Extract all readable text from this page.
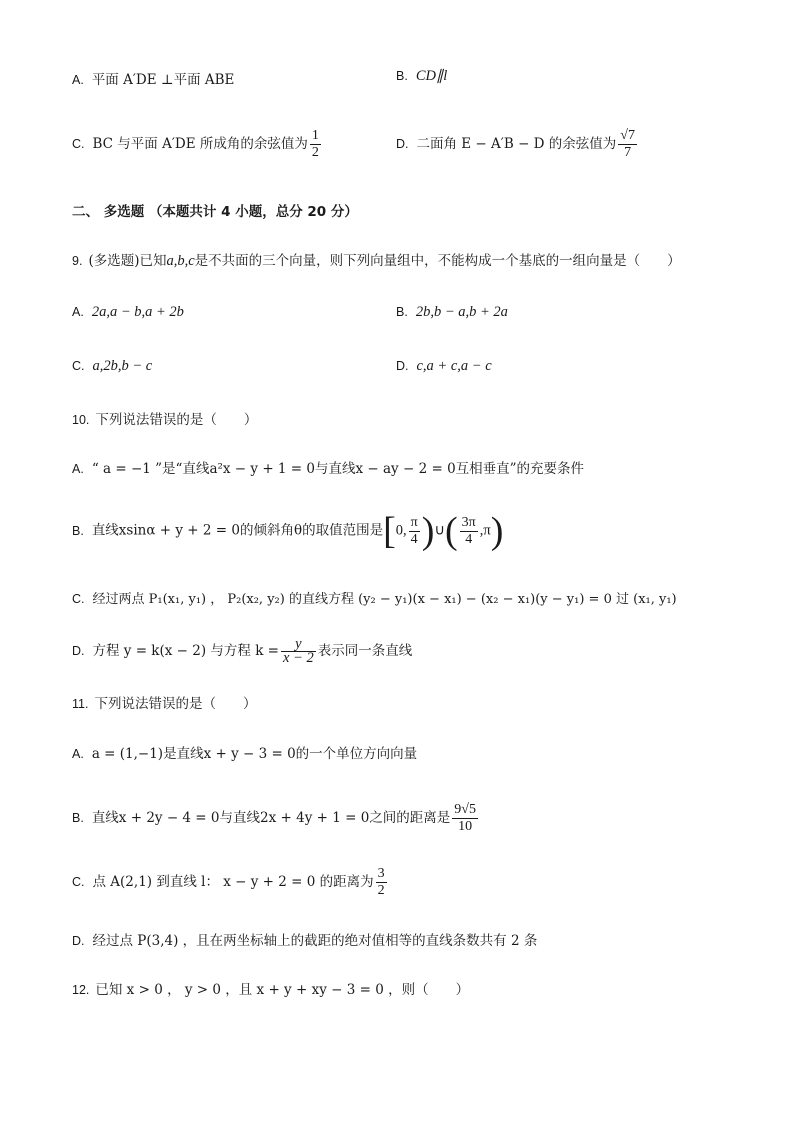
A. 平面 A′DE ⊥平面 ABE	B. CD∥l
C. BC 与平面 A′DE 所成角的余弦值为 $\frac{1}{2}$	D. 二面角 E − A′B − D 的余弦值为 $\frac{√7}{7}$
二、 多选题 （本题共计 4 小题，总分 20 分）
9. (多选题)已知a,b,c是不共面的三个向量，则下列向量组中，不能构成一个基底的一组向量是（　　）
A. 2a,a − b,a + 2b	B. 2b,b − a,b + 2a
C. a,2b,b − c	D. c,a + c,a − c
10. 下列说法错误的是（　　）
A. “ a = −1 ”是“直线a²x − y + 1 = 0与直线x − ay − 2 = 0互相垂直”的充要条件
B. 直线xsinα + y + 2 = 0的倾斜角θ的取值范围是[0, $\frac{\pi}{4}$ )∪( $\frac{3\pi}{4} ,\pi$)
C. 经过两点 P₁(x₁, y₁) ， P₂(x₂, y₂) 的直线方程 (y₂ − y₁)(x − x₁) − (x₂ − x₁)(y − y₁) = 0 过 (x₁, y₁)
D. 方程 y = k(x − 2) 与方程 $k = \frac{y}{x - 2}$ 表示同一条直线
11. 下列说法错误的是（　　）
A. a = (1,−1)是直线x + y − 3 = 0的一个单位方向向量
B. 直线x + 2y − 4 = 0与直线2x + 4y + 1 = 0之间的距离是 $\frac{9√5}{10}$
C. 点 A(2,1) 到直线 l： x − y + 2 = 0 的距离为 $\frac{3}{2}$
D. 经过点 P(3,4) ，且在两坐标轴上的截距的绝对值相等的直线条数共有 2 条
12. 已知 x > 0 ， y > 0 ，且 x + y + xy − 3 = 0 ，则（　　）
